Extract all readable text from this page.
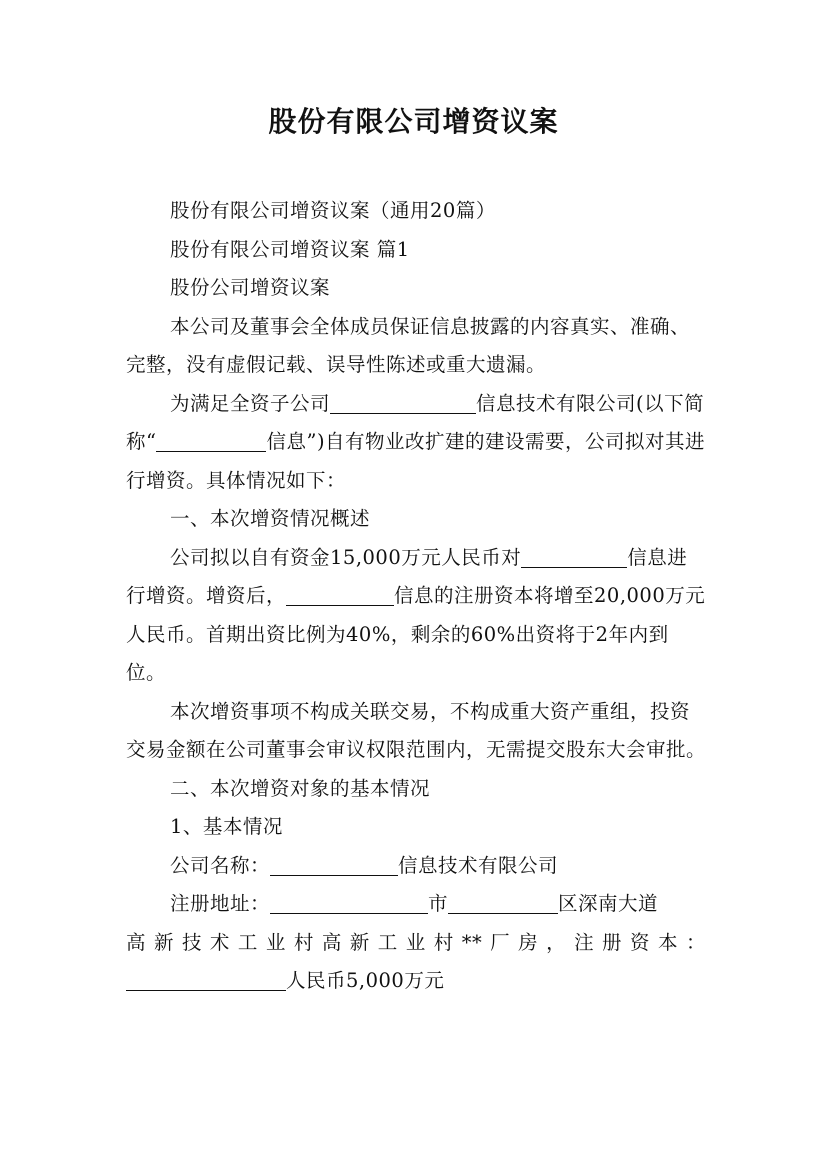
股份有限公司增资议案

股份有限公司增资议案（通用20篇）

股份有限公司增资议案 篇1

股份公司增资议案

本公司及董事会全体成员保证信息披露的内容真实、准确、完整，没有虚假记载、误导性陈述或重大遗漏。

为满足全资子公司	信息技术有限公司(以下简称“	信息”)自有物业改扩建的建设需要，公司拟对其进行增资。具体情况如下：

一、本次增资情况概述

公司拟以自有资金15,000万元人民币对	信息进行增资。增资后，	信息的注册资本将增至20,000万元人民币。首期出资比例为40%，剩余的60%出资将于2年内到位。

本次增资事项不构成关联交易，不构成重大资产重组，投资交易金额在公司董事会审议权限范围内，无需提交股东大会审批。

二、本次增资对象的基本情况

1、基本情况

公司名称：	信息技术有限公司

注册地址：	市	区深南大道

高新技术工业村高新工业村**厂房，注册资本：

人民币5,000万元
